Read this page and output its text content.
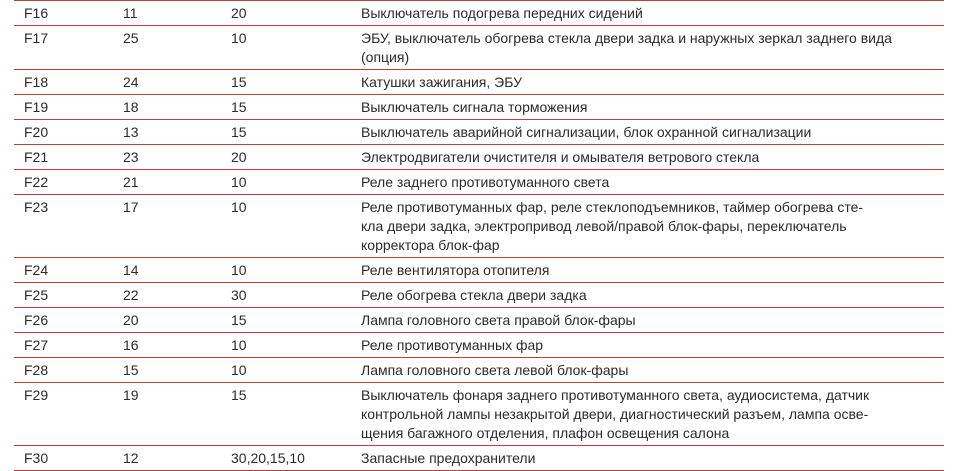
F16	11	20	Выключатель подогрева передних сидений
F17	25	10	ЭБУ, выключатель обогрева стекла двери задка и наружных зеркал заднего вида
(опция)
F18	24	15	Катушки зажигания, ЭБУ
F19	18	15	Выключатель сигнала торможения
F20	13	15	Выключатель аварийной сигнализации, блок охранной сигнализации
F21	23	20	Электродвигатели очистителя и омывателя ветрового стекла
F22	21	10	Реле заднего противотуманного света
F23	17	10	Реле противотуманных фар, реле стеклоподъемников, таймер обогрева сте-
кла двери задка, электропривод левой/правой блок-фары, переключатель
корректора блок-фар
F24	14	10	Реле вентилятора отопителя
F25	22	30	Реле обогрева стекла двери задка
F26	20	15	Лампа головного света правой блок-фары
F27	16	10	Реле противотуманных фар
F28	15	10	Лампа головного света левой блок-фары
F29	19	15	Выключатель фонаря заднего противотуманного света, аудиосистема, датчик
контрольной лампы незакрытой двери, диагностический разъем, лампа осве-
щения багажного отделения, плафон освещения салона
F30	12	30,20,15,10	Запасные предохранители
